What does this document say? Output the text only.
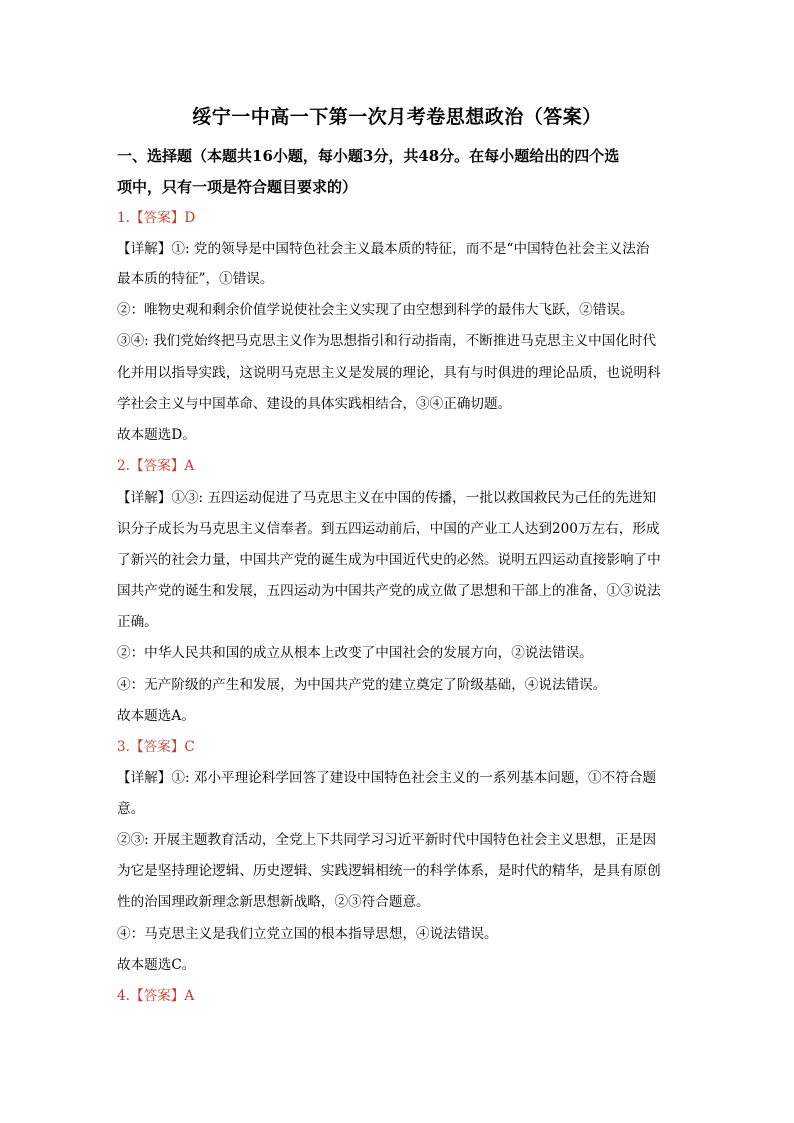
绥宁一中高一下第一次月考卷思想政治（答案）
一、选择题（本题共16小题，每小题3分，共48分。在每小题给出的四个选
项中，只有一项是符合题目要求的）
1.【答案】D
【详解】①: 党的领导是中国特色社会主义最本质的特征，而不是“中国特色社会主义法治
最本质的特征”，①错误。
②：唯物史观和剩余价值学说使社会主义实现了由空想到科学的最伟大飞跃，②错误。
③④: 我们党始终把马克思主义作为思想指引和行动指南，不断推进马克思主义中国化时代
化并用以指导实践，这说明马克思主义是发展的理论，具有与时俱进的理论品质，也说明科
学社会主义与中国革命、建设的具体实践相结合，③④正确切题。
故本题选D。
2.【答案】A
【详解】①③: 五四运动促进了马克思主义在中国的传播，一批以救国救民为己任的先进知
识分子成长为马克思主义信奉者。到五四运动前后，中国的产业工人达到200万左右，形成
了新兴的社会力量，中国共产党的诞生成为中国近代史的必然。说明五四运动直接影响了中
国共产党的诞生和发展，五四运动为中国共产党的成立做了思想和干部上的准备，①③说法
正确。
②：中华人民共和国的成立从根本上改变了中国社会的发展方向，②说法错误。
④：无产阶级的产生和发展，为中国共产党的建立奠定了阶级基础，④说法错误。
故本题选A。
3.【答案】C
【详解】①: 邓小平理论科学回答了建设中国特色社会主义的一系列基本问题，①不符合题
意。
②③: 开展主题教育活动，全党上下共同学习习近平新时代中国特色社会主义思想，正是因
为它是坚持理论逻辑、历史逻辑、实践逻辑相统一的科学体系，是时代的精华，是具有原创
性的治国理政新理念新思想新战略，②③符合题意。
④：马克思主义是我们立党立国的根本指导思想，④说法错误。
故本题选C。
4.【答案】A
